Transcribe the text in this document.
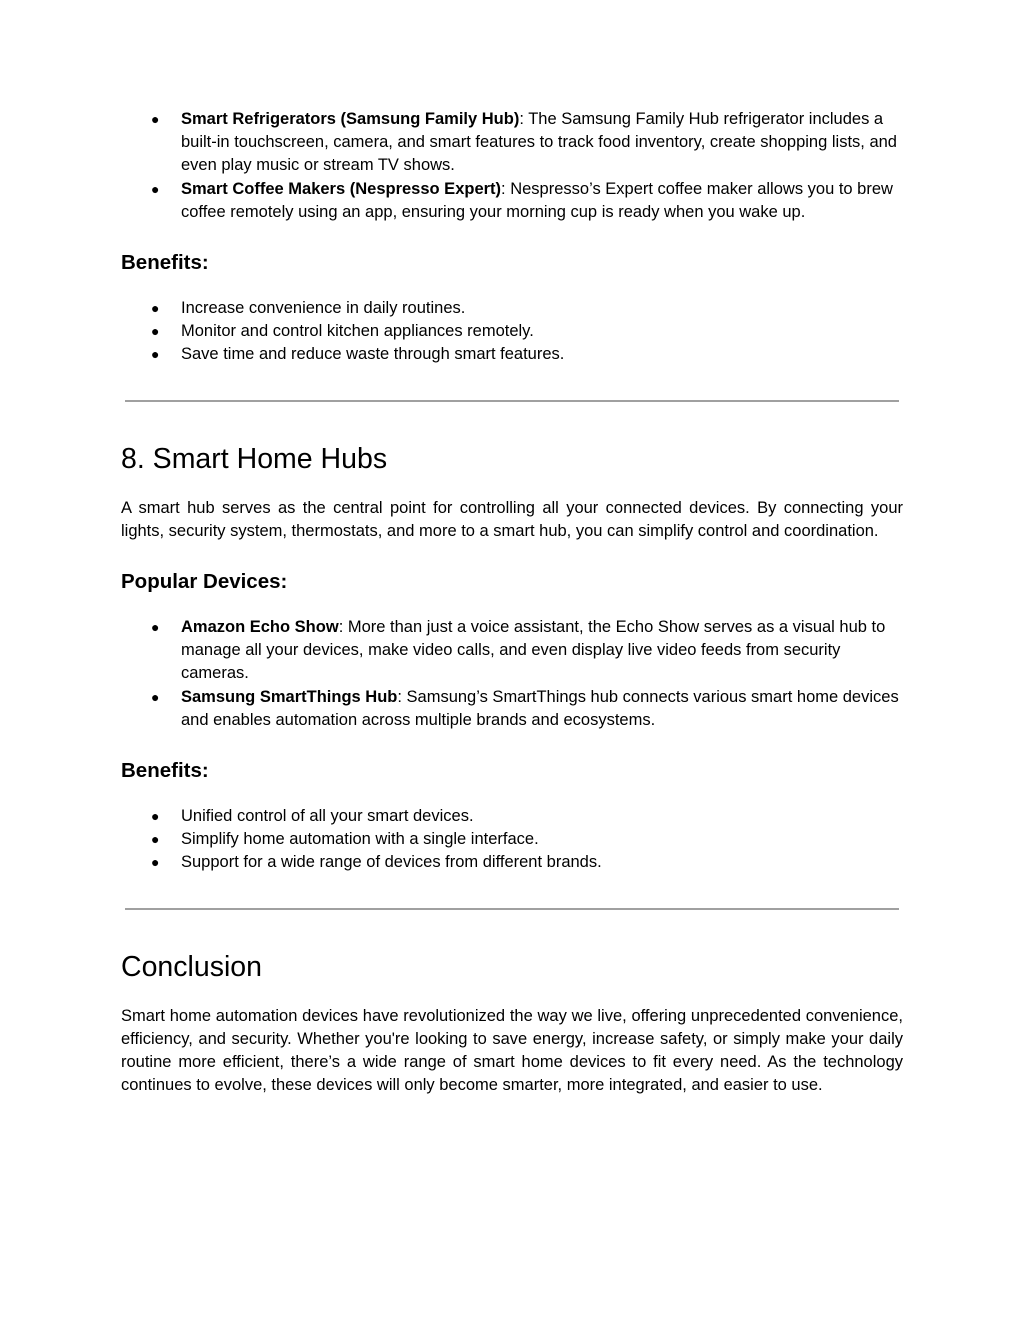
● Smart Refrigerators (Samsung Family Hub): The Samsung Family Hub refrigerator includes a built-in touchscreen, camera, and smart features to track food inventory, create shopping lists, and even play music or stream TV shows.
● Smart Coffee Makers (Nespresso Expert): Nespresso’s Expert coffee maker allows you to brew coffee remotely using an app, ensuring your morning cup is ready when you wake up.
Benefits:
● Increase convenience in daily routines.
● Monitor and control kitchen appliances remotely.
● Save time and reduce waste through smart features.
8. Smart Home Hubs

A smart hub serves as the central point for controlling all your connected devices. By connecting your lights, security system, thermostats, and more to a smart hub, you can simplify control and coordination.

Popular Devices:
● Amazon Echo Show: More than just a voice assistant, the Echo Show serves as a visual hub to manage all your devices, make video calls, and even display live video feeds from security cameras.
● Samsung SmartThings Hub: Samsung’s SmartThings hub connects various smart home devices and enables automation across multiple brands and ecosystems.
Benefits:
● Unified control of all your smart devices.
● Simplify home automation with a single interface.
● Support for a wide range of devices from different brands.
Conclusion

Smart home automation devices have revolutionized the way we live, offering unprecedented convenience, efficiency, and security. Whether you're looking to save energy, increase safety, or simply make your daily routine more efficient, there’s a wide range of smart home devices to fit every need. As the technology continues to evolve, these devices will only become smarter, more integrated, and easier to use.
